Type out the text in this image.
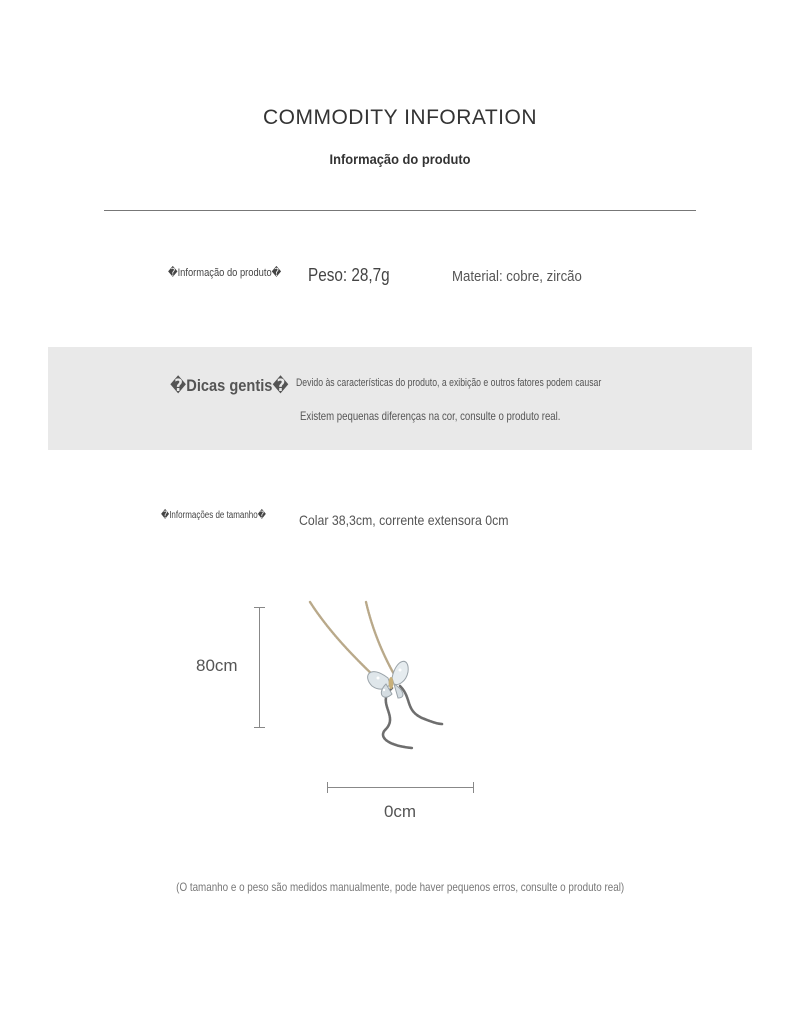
COMMODITY INFORATION
Informação do produto
�Informação do produto�	Peso: 28,7g	Material: cobre, zircão
�Dicas gentis� Devido às características do produto, a exibição e outros fatores podem causar
Existem pequenas diferenças na cor, consulte o produto real.
�Informações de tamanho�	Colar 38,3cm, corrente extensora 0cm
80cm
0cm
(O tamanho e o peso são medidos manualmente, pode haver pequenos erros, consulte o produto real)
